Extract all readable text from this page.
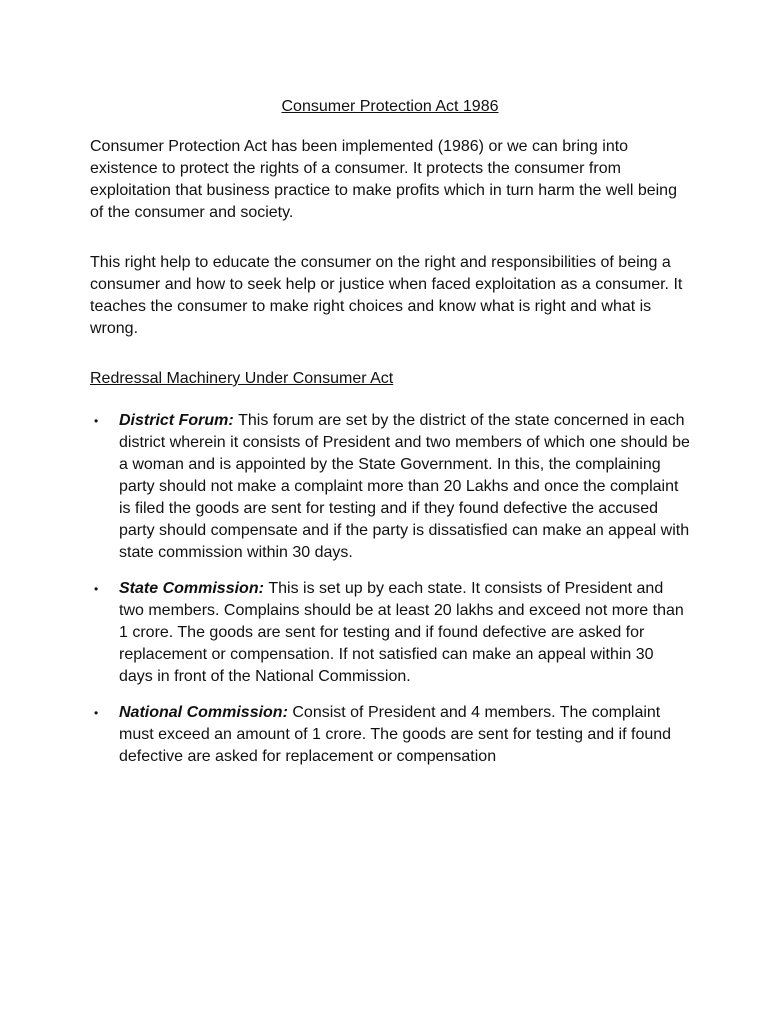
Consumer Protection Act 1986

Consumer Protection Act has been implemented (1986) or we can bring into existence to protect the rights of a consumer. It protects the consumer from exploitation that business practice to make profits which in turn harm the well being of the consumer and society.

This right help to educate the consumer on the right and responsibilities of being a consumer and how to seek help or justice when faced exploitation as a consumer. It teaches the consumer to make right choices and know what is right and what is wrong.

Redressal Machinery Under Consumer Act
• District Forum: This forum are set by the district of the state concerned in each district wherein it consists of President and two members of which one should be a woman and is appointed by the State Government. In this, the complaining party should not make a complaint more than 20 Lakhs and once the complaint is filed the goods are sent for testing and if they found defective the accused party should compensate and if the party is dissatisfied can make an appeal with state commission within 30 days.
• State Commission: This is set up by each state. It consists of President and two members. Complains should be at least 20 lakhs and exceed not more than 1 crore. The goods are sent for testing and if found defective are asked for replacement or compensation. If not satisfied can make an appeal within 30 days in front of the National Commission.
• National Commission: Consist of President and 4 members. The complaint must exceed an amount of 1 crore. The goods are sent for testing and if found defective are asked for replacement or compensation
